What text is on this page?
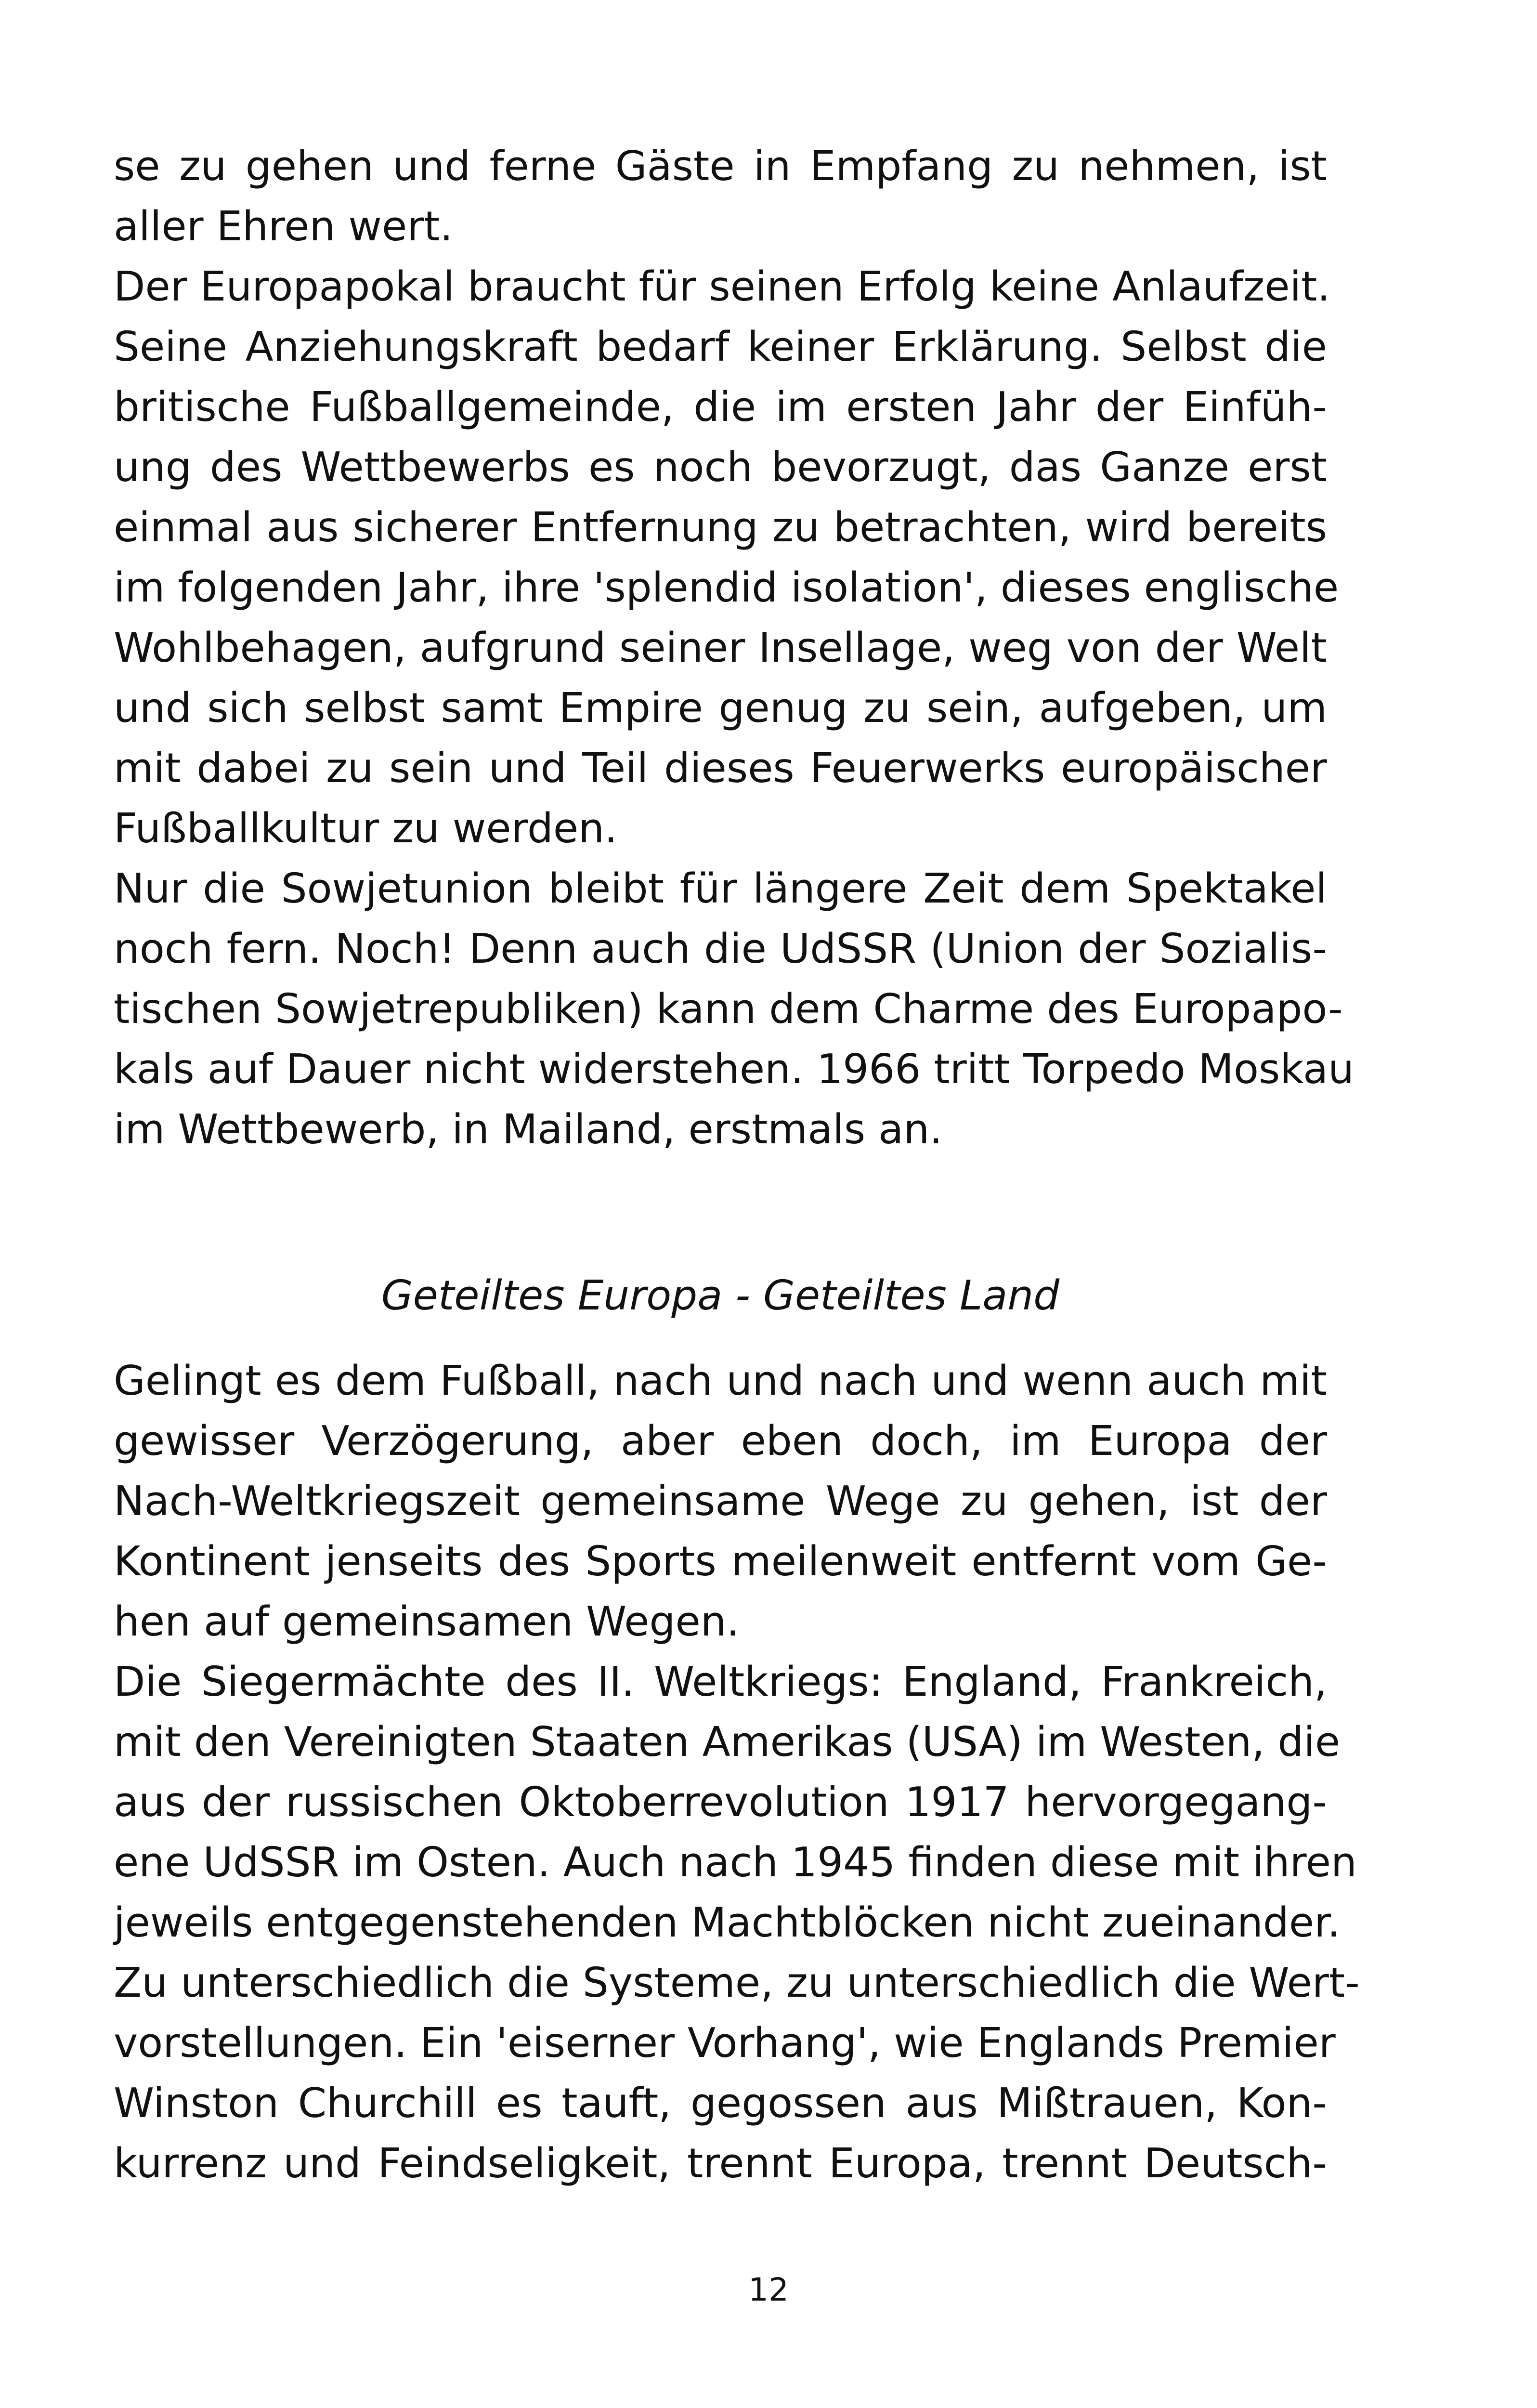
se zu gehen und ferne Gäste in Empfang zu nehmen, ist
aller Ehren wert.
Der Europapokal braucht für seinen Erfolg keine Anlaufzeit.
Seine Anziehungskraft bedarf keiner Erklärung. Selbst die
britische Fußballgemeinde, die im ersten Jahr der Einfüh-
ung des Wettbewerbs es noch bevorzugt, das Ganze erst
einmal aus sicherer Entfernung zu betrachten, wird bereits
im folgenden Jahr, ihre 'splendid isolation', dieses englische
Wohlbehagen, aufgrund seiner Insellage, weg von der Welt
und sich selbst samt Empire genug zu sein, aufgeben, um
mit dabei zu sein und Teil dieses Feuerwerks europäischer
Fußballkultur zu werden.
Nur die Sowjetunion bleibt für längere Zeit dem Spektakel
noch fern. Noch! Denn auch die UdSSR (Union der Sozialis-
tischen Sowjetrepubliken) kann dem Charme des Europapo-
kals auf Dauer nicht widerstehen. 1966 tritt Torpedo Moskau
im Wettbewerb, in Mailand, erstmals an.
Geteiltes Europa - Geteiltes Land
Gelingt es dem Fußball, nach und nach und wenn auch mit
gewisser Verzögerung, aber eben doch, im Europa der
Nach-Weltkriegszeit gemeinsame Wege zu gehen, ist der
Kontinent jenseits des Sports meilenweit entfernt vom Ge-
hen auf gemeinsamen Wegen.
Die Siegermächte des II. Weltkriegs: England, Frankreich,
mit den Vereinigten Staaten Amerikas (USA) im Westen, die
aus der russischen Oktoberrevolution 1917 hervorgegang-
ene UdSSR im Osten. Auch nach 1945 finden diese mit ihren
jeweils entgegenstehenden Machtblöcken nicht zueinander.
Zu unterschiedlich die Systeme, zu unterschiedlich die Wert-
vorstellungen. Ein 'eiserner Vorhang', wie Englands Premier
Winston Churchill es tauft, gegossen aus Mißtrauen, Kon-
kurrenz und Feindseligkeit, trennt Europa, trennt Deutsch-
12
